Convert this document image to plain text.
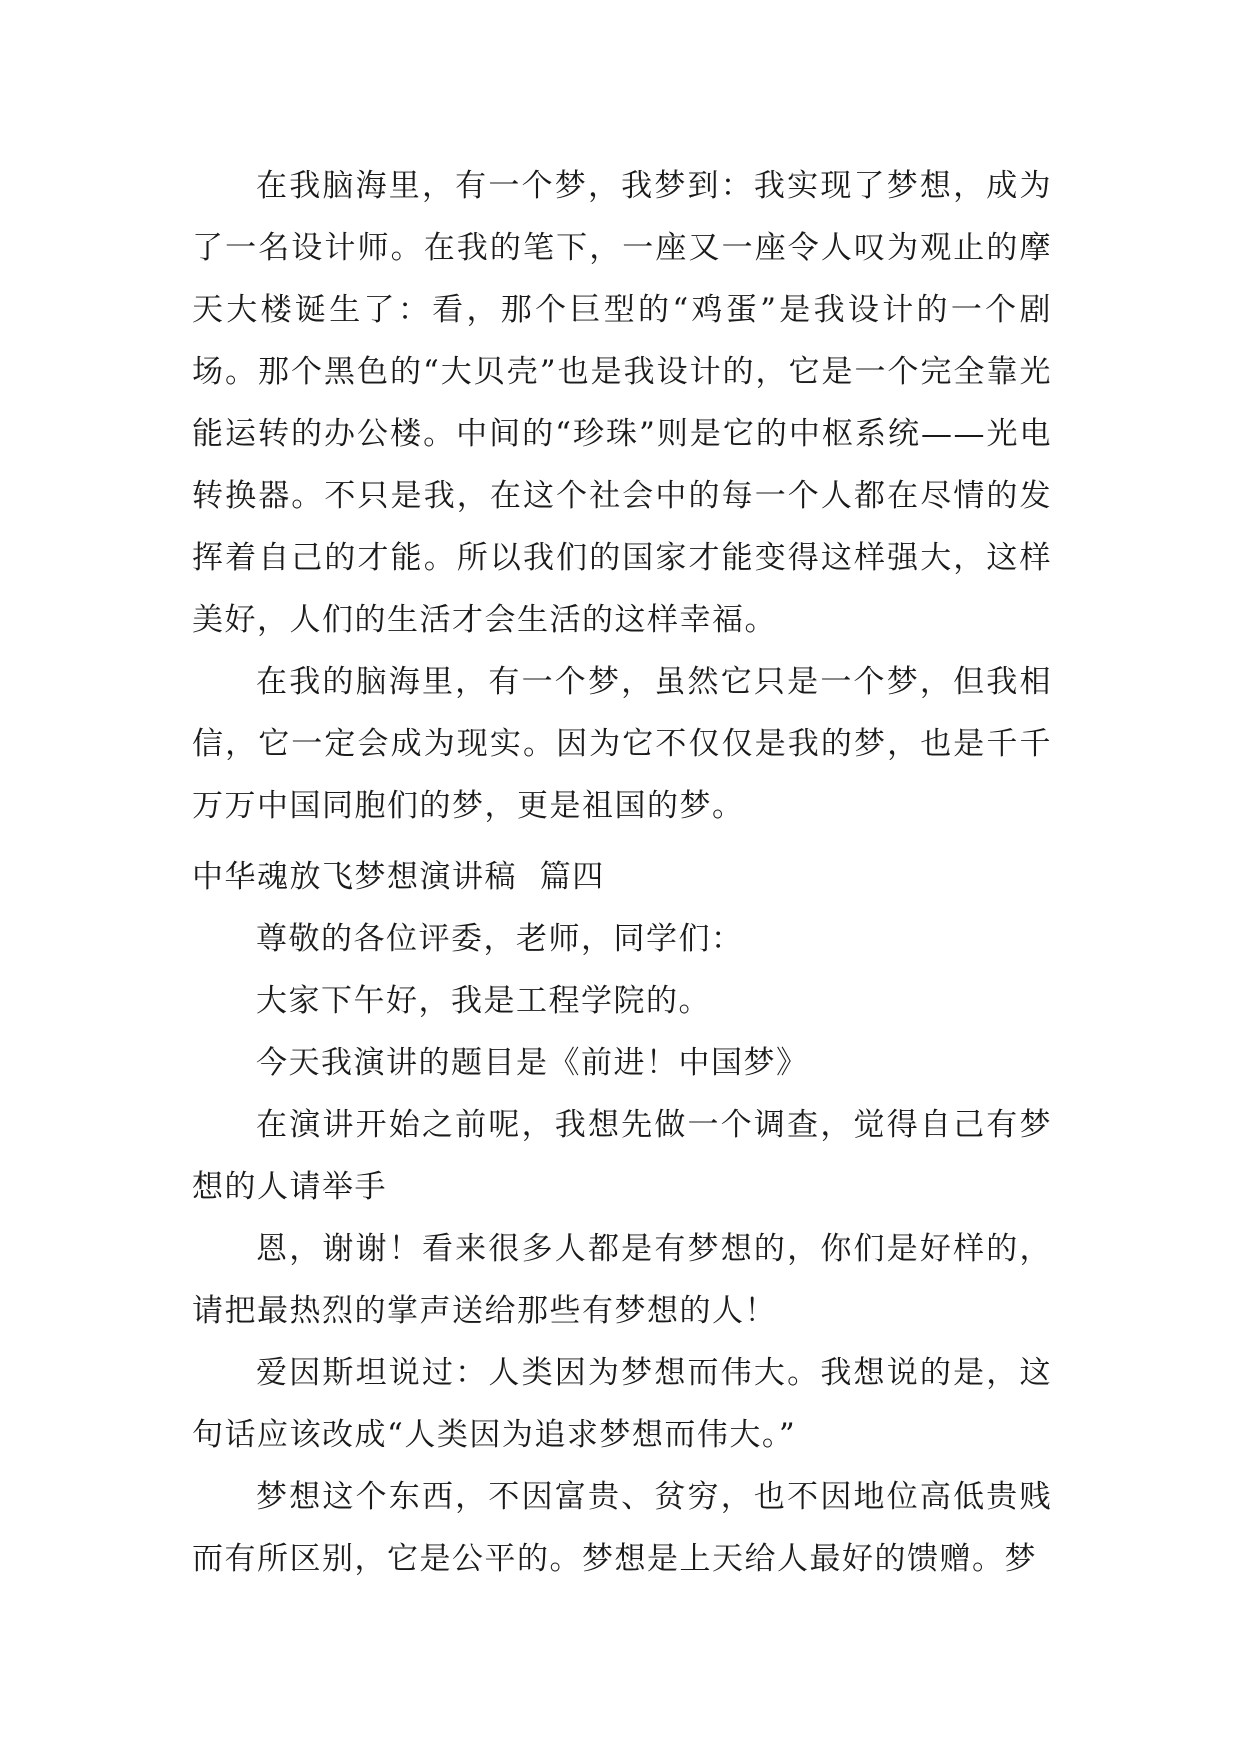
在我脑海里，有一个梦，我梦到：我实现了梦想，成为了一名设计师。在我的笔下，一座又一座令人叹为观止的摩天大楼诞生了：看，那个巨型的“鸡蛋”是我设计的一个剧场。那个黑色的“大贝壳”也是我设计的，它是一个完全靠光能运转的办公楼。中间的“珍珠”则是它的中枢系统——光电转换器。不只是我，在这个社会中的每一个人都在尽情的发挥着自己的才能。所以我们的国家才能变得这样强大，这样美好，人们的生活才会生活的这样幸福。

在我的脑海里，有一个梦，虽然它只是一个梦，但我相信，它一定会成为现实。因为它不仅仅是我的梦，也是千千万万中国同胞们的梦，更是祖国的梦。

中华魂放飞梦想演讲稿  篇四

尊敬的各位评委，老师，同学们：

大家下午好，我是工程学院的。

今天我演讲的题目是《前进！中国梦》

在演讲开始之前呢，我想先做一个调查，觉得自己有梦想的人请举手

恩，谢谢！看来很多人都是有梦想的，你们是好样的，请把最热烈的掌声送给那些有梦想的人！

爱因斯坦说过：人类因为梦想而伟大。我想说的是，这句话应该改成“人类因为追求梦想而伟大。”

梦想这个东西，不因富贵、贫穷，也不因地位高低贵贱而有所区别，它是公平的。梦想是上天给人最好的馈赠。梦
